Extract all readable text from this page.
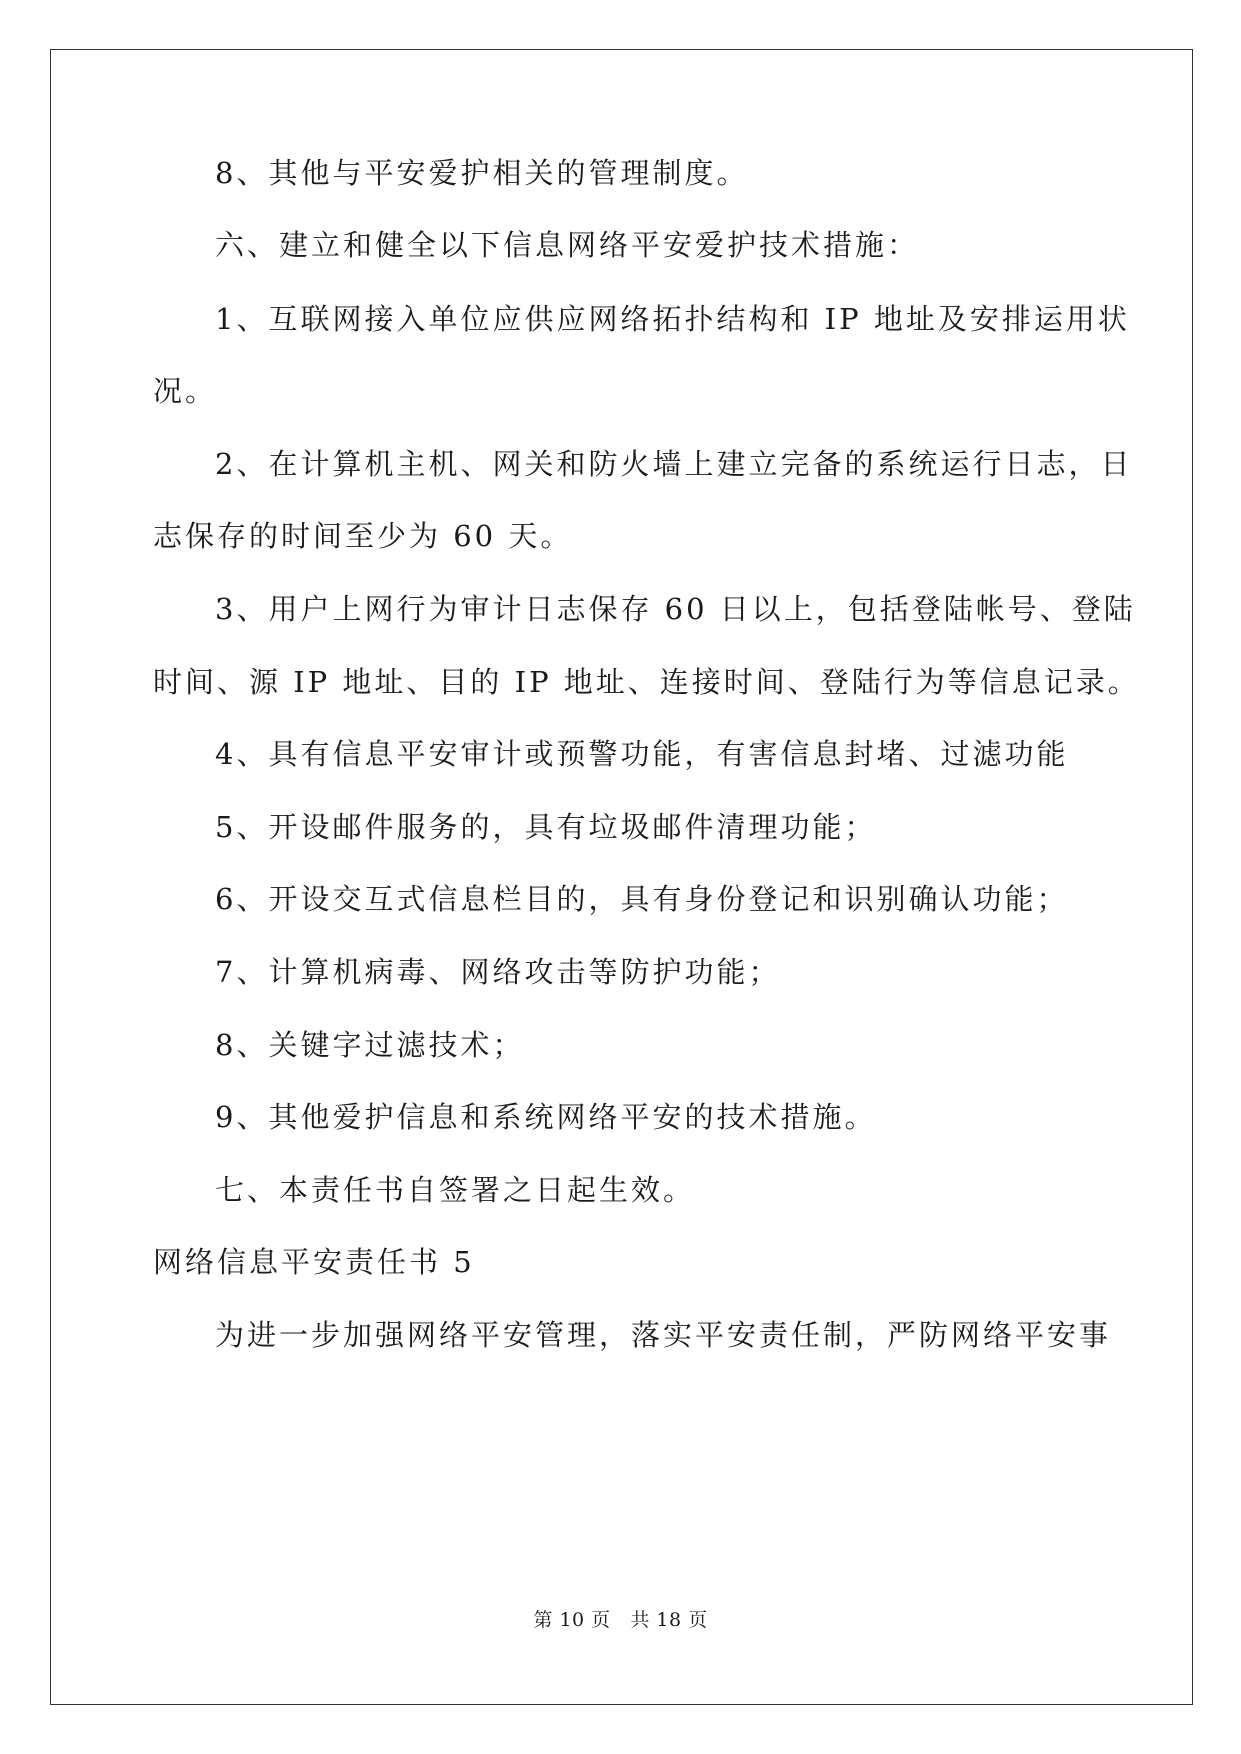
8、其他与平安爱护相关的管理制度。
六、建立和健全以下信息网络平安爱护技术措施：
1、互联网接入单位应供应网络拓扑结构和 IP 地址及安排运用状
况。
2、在计算机主机、网关和防火墙上建立完备的系统运行日志，日
志保存的时间至少为 60 天。
3、用户上网行为审计日志保存 60 日以上，包括登陆帐号、登陆
时间、源 IP 地址、目的 IP 地址、连接时间、登陆行为等信息记录。
4、具有信息平安审计或预警功能，有害信息封堵、过滤功能
5、开设邮件服务的，具有垃圾邮件清理功能；
6、开设交互式信息栏目的，具有身份登记和识别确认功能；
7、计算机病毒、网络攻击等防护功能；
8、关键字过滤技术；
9、其他爱护信息和系统网络平安的技术措施。
七、本责任书自签署之日起生效。
网络信息平安责任书 5
为进一步加强网络平安管理，落实平安责任制，严防网络平安事
第 10 页 共 18 页
